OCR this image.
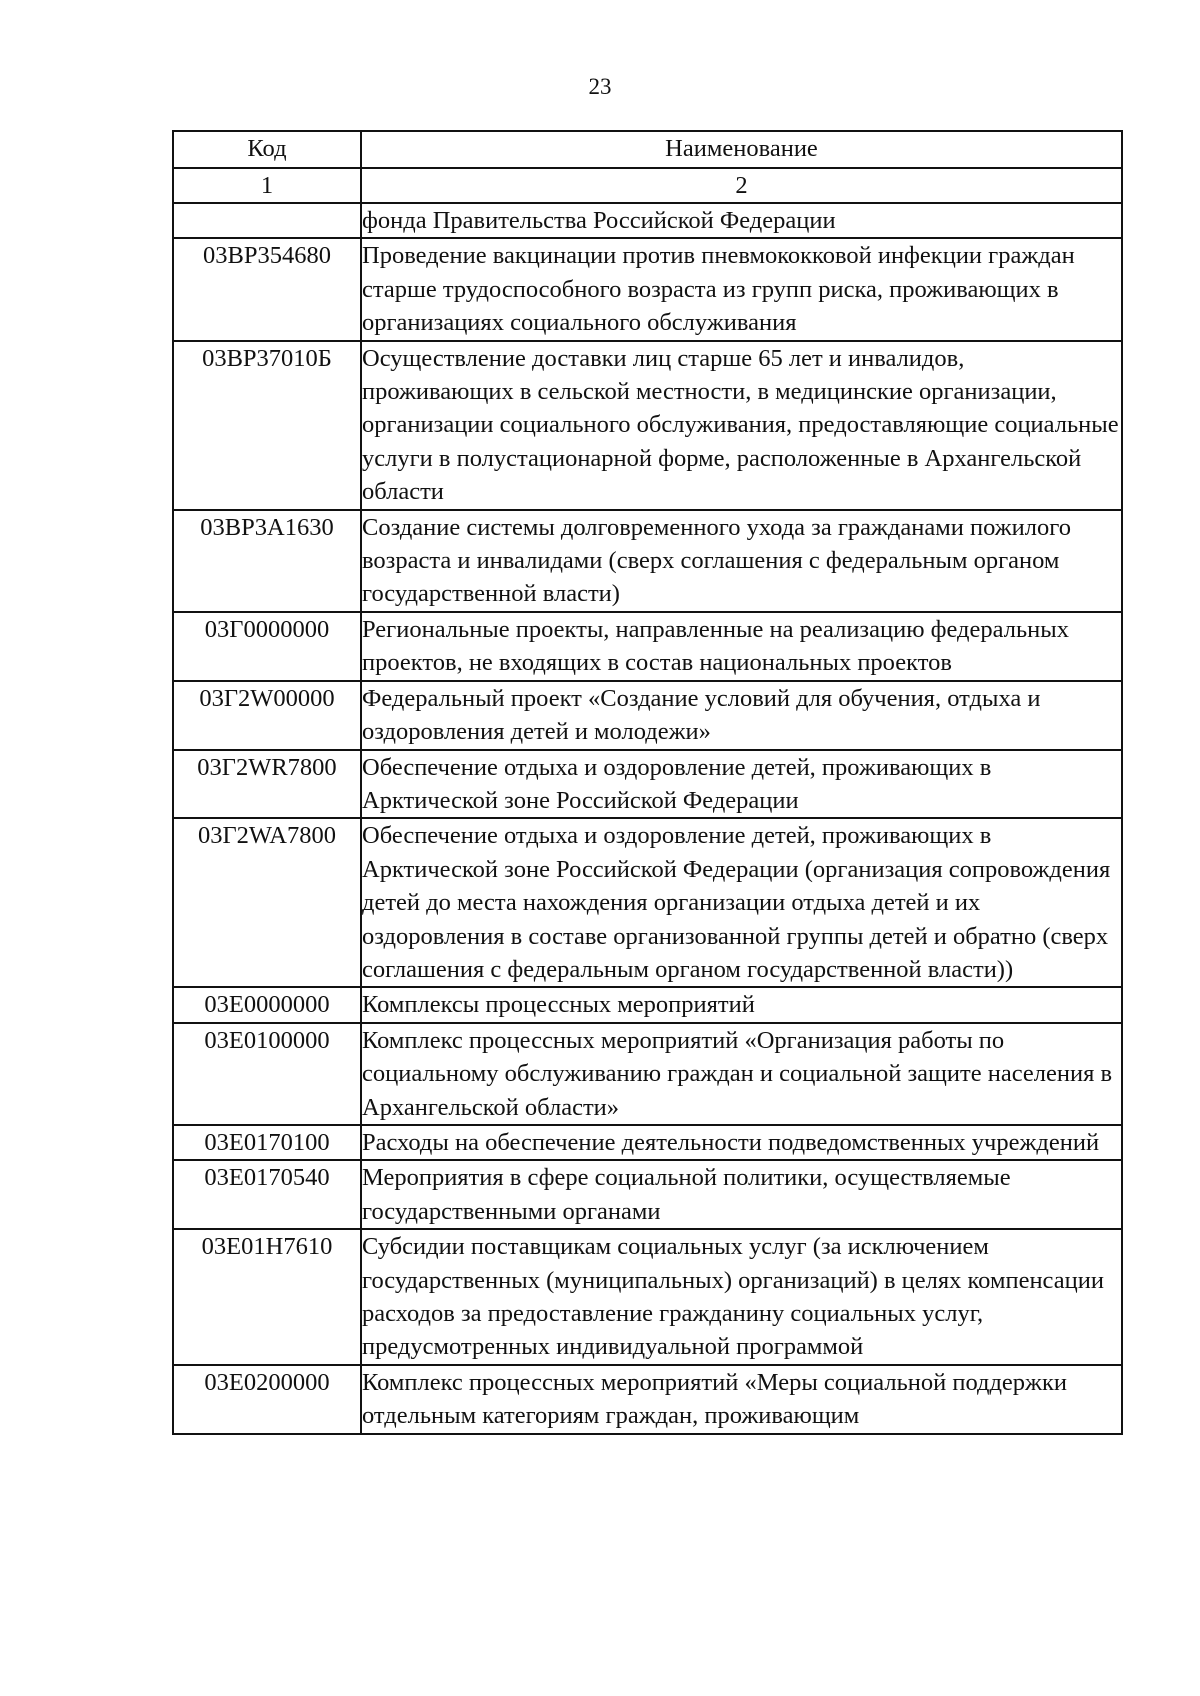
23
Код	Наименование
1	2
	фонда Правительства Российской Федерации
03BP354680	Проведение вакцинации против пневмококковой инфекции граждан старше трудоспособного возраста из групп риска, проживающих в организациях социального обслуживания
03BP37010Б	Осуществление доставки лиц старше 65 лет и инвалидов, проживающих в сельской местности, в медицинские организации, организации социального обслуживания, предоставляющие социальные услуги в полустационарной форме, расположенные в Архангельской области
03BP3A1630	Создание системы долговременного ухода за гражданами пожилого возраста и инвалидами (сверх соглашения с федеральным органом государственной власти)
03Г0000000	Региональные проекты, направленные на реализацию федеральных проектов, не входящих в состав национальных проектов
03Г2W00000	Федеральный проект «Создание условий для обучения, отдыха и оздоровления детей и молодежи»
03Г2WR7800	Обеспечение отдыха и оздоровление детей, проживающих в Арктической зоне Российской Федерации
03Г2WA7800	Обеспечение отдыха и оздоровление детей, проживающих в Арктической зоне Российской Федерации (организация сопровождения детей до места нахождения организации отдыха детей и их оздоровления в составе организованной группы детей и обратно (сверх соглашения с федеральным органом государственной власти))
03Е0000000	Комплексы процессных мероприятий
03Е0100000	Комплекс процессных мероприятий «Организация работы по социальному обслуживанию граждан и социальной защите населения в Архангельской области»
03Е0170100	Расходы на обеспечение деятельности подведомственных учреждений
03Е0170540	Мероприятия в сфере социальной политики, осуществляемые государственными органами
03Е01Н7610	Субсидии поставщикам социальных услуг (за исключением государственных (муниципальных) организаций) в целях компенсации расходов за предоставление гражданину социальных услуг, предусмотренных индивидуальной программой
03Е0200000	Комплекс процессных мероприятий «Меры социальной поддержки отдельным категориям граждан, проживающим
